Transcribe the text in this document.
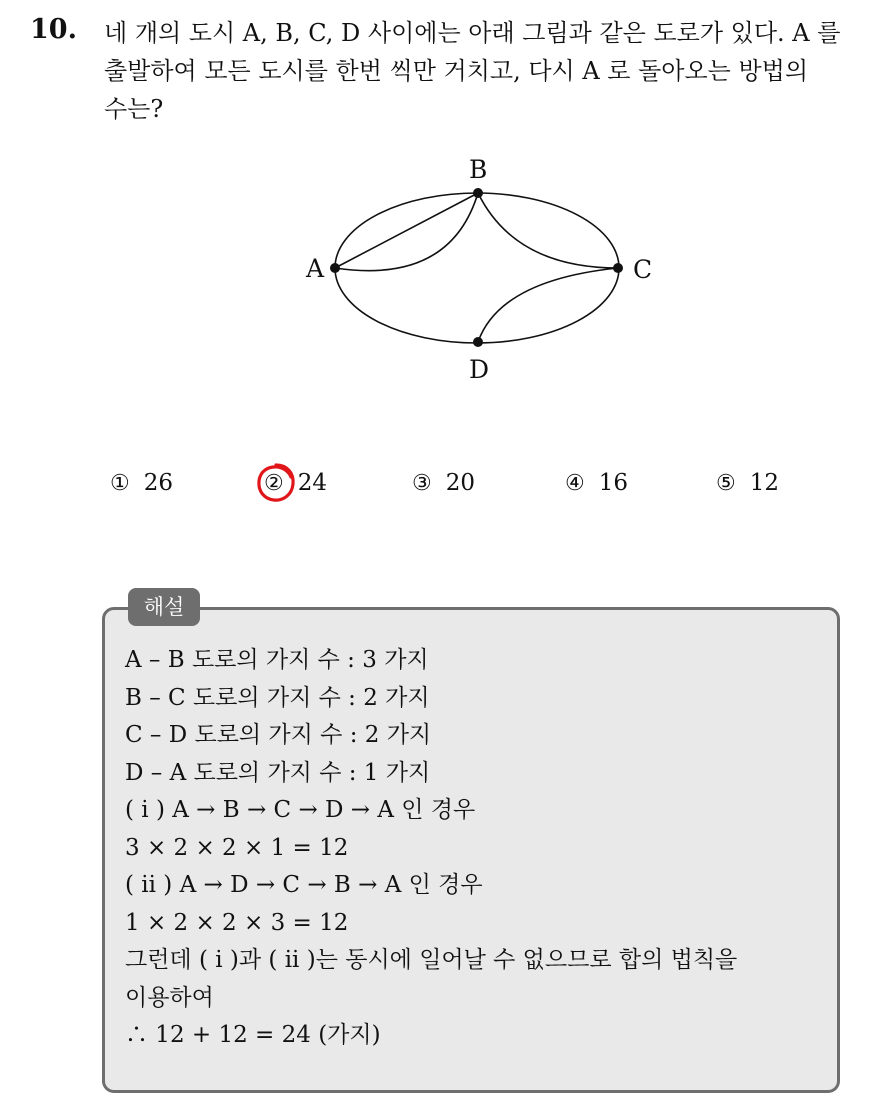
10. 네 개의 도시 A, B, C, D 사이에는 아래 그림과 같은 도로가 있다. A 를
출발하여 모든 도시를 한번 씩만 거치고, 다시 A 로 돌아오는 방법의
수는?
A
B
C
D
① 26	② 24	③ 20	④ 16	⑤ 12
해설
A – B 도로의 가지 수 : 3 가지
B – C 도로의 가지 수 : 2 가지
C – D 도로의 가지 수 : 2 가지
D – A 도로의 가지 수 : 1 가지
( i ) A → B → C → D → A 인 경우
3 × 2 × 2 × 1 = 12
( ii ) A → D → C → B → A 인 경우
1 × 2 × 2 × 3 = 12
그런데 ( i )과 ( ii )는 동시에 일어날 수 없으므로 합의 법칙을
이용하여
∴ 12 + 12 = 24 (가지)
